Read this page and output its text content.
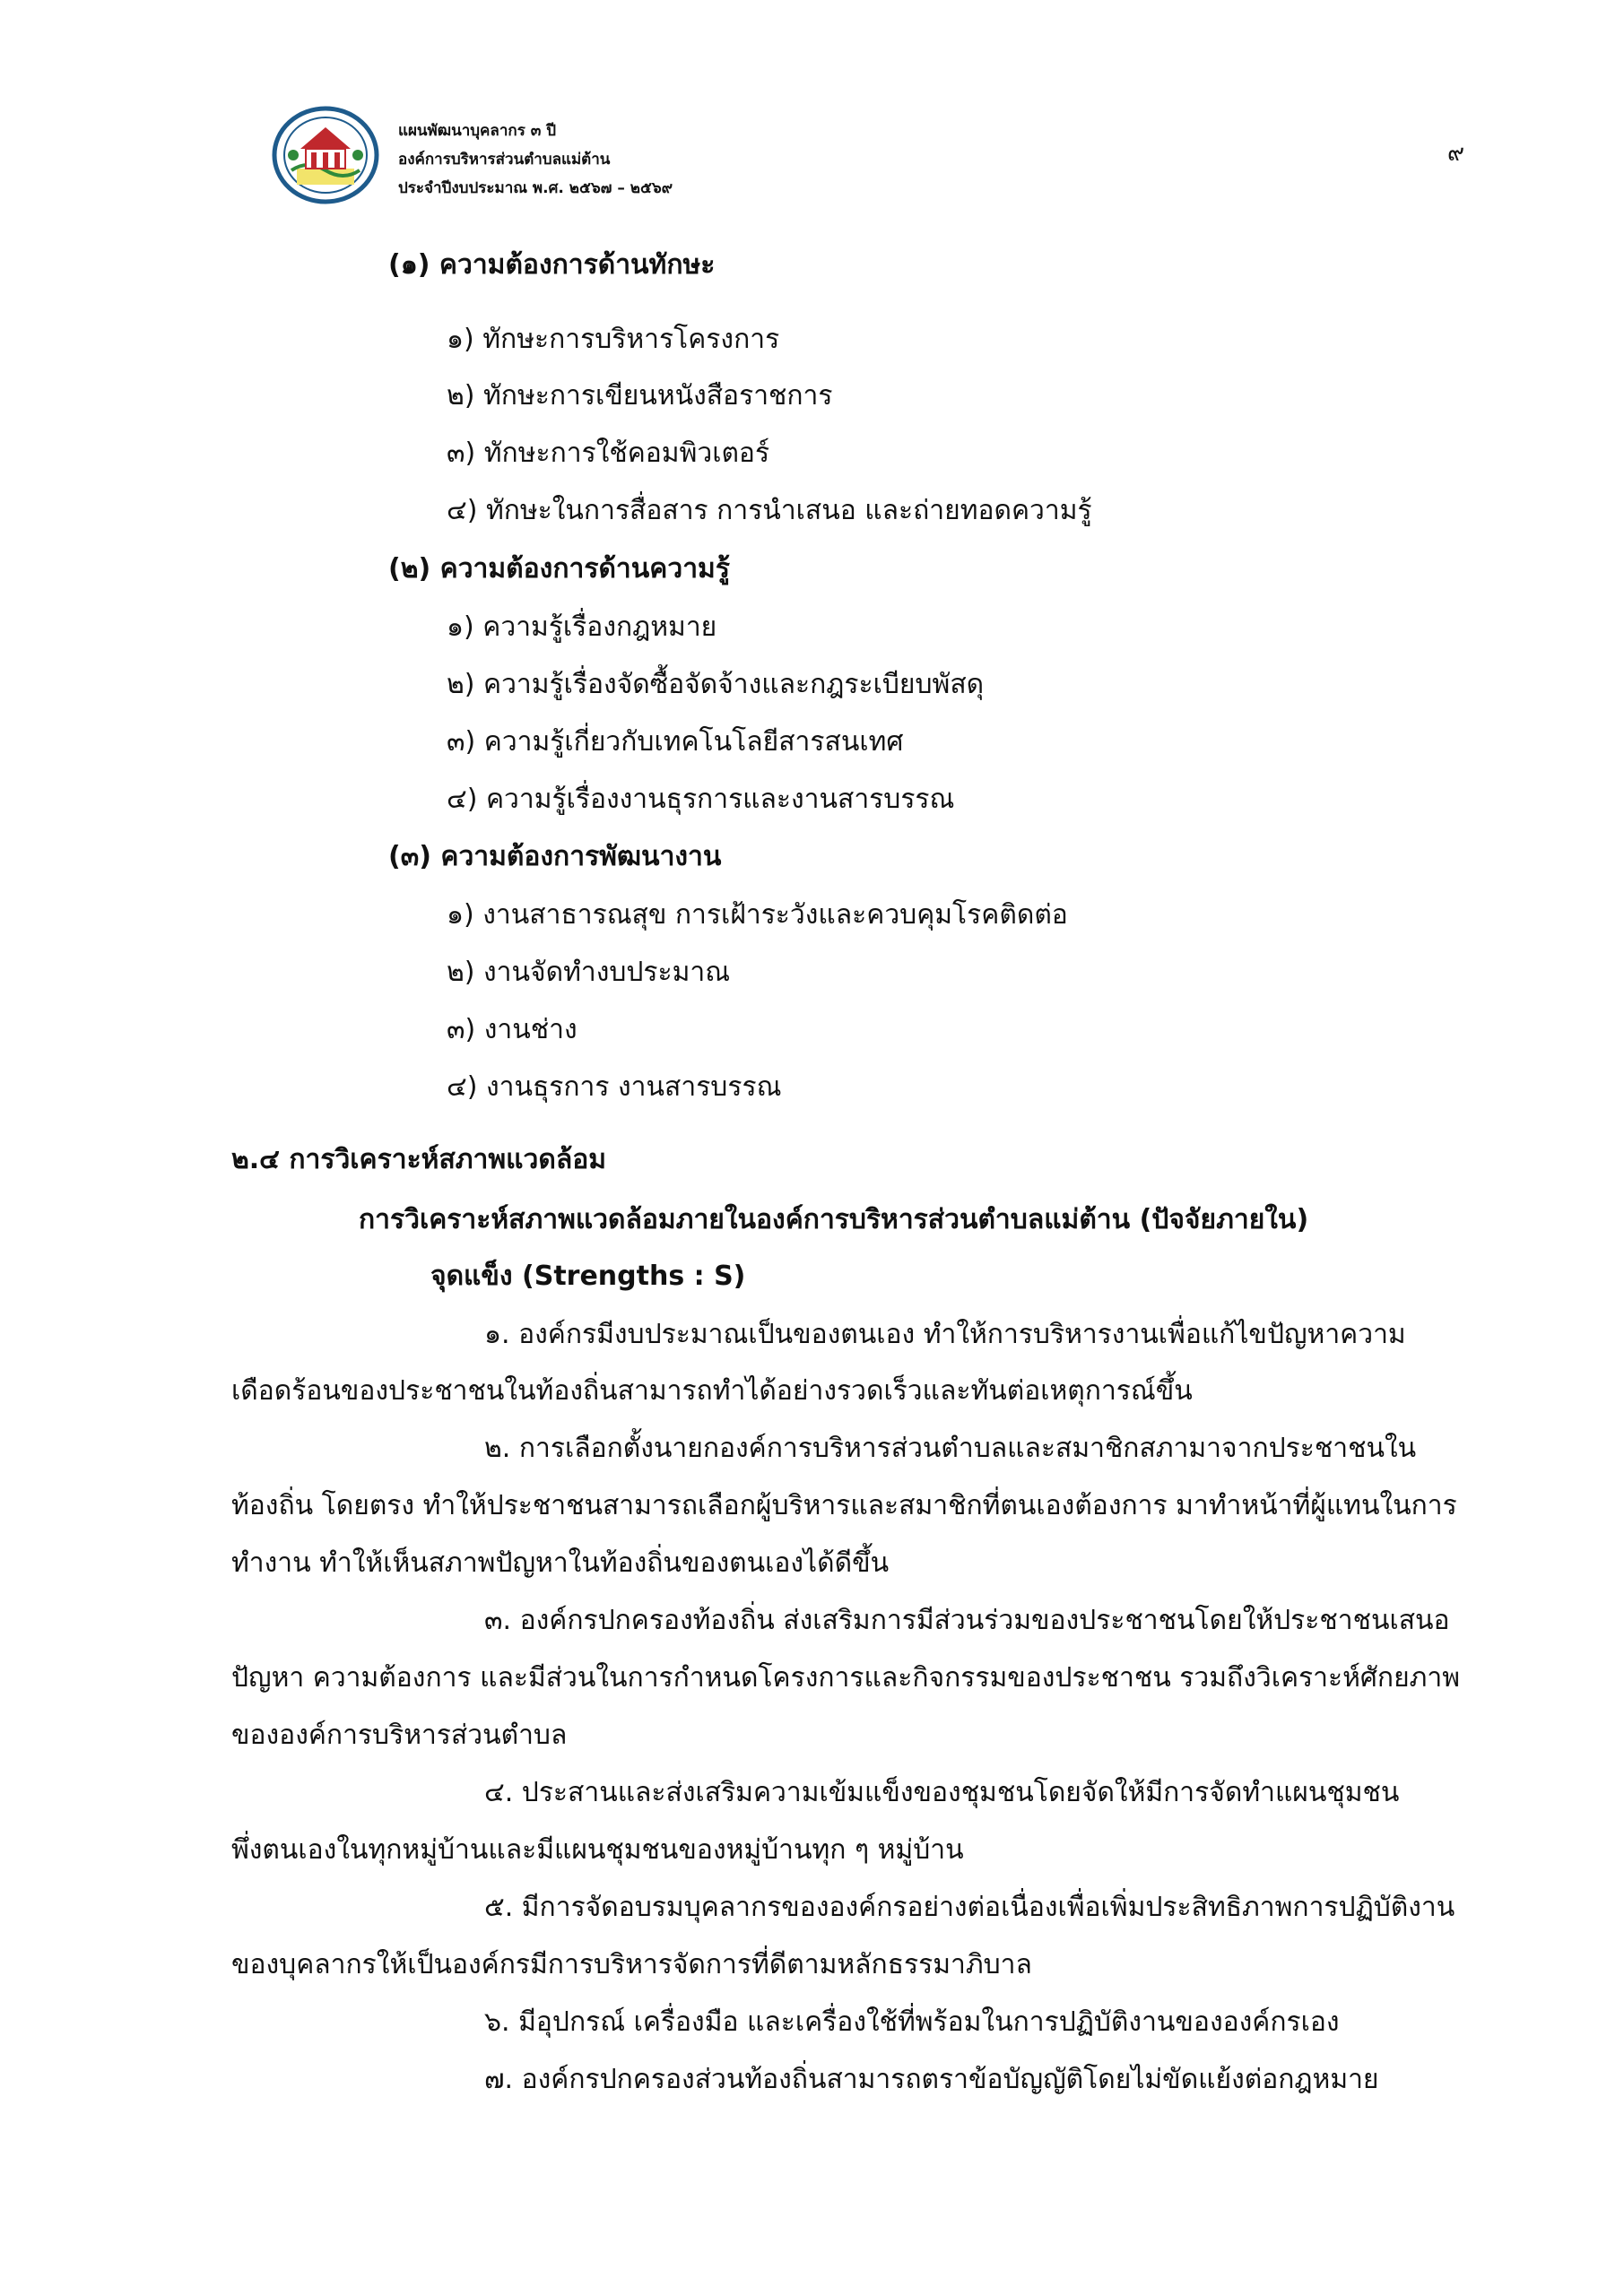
แผนพัฒนาบุคลากร ๓ ปี
องค์การบริหารส่วนตำบลแม่ต้าน
ประจำปีงบประมาณ พ.ศ. ๒๕๖๗ – ๒๕๖๙
๙
(๑) ความต้องการด้านทักษะ
๑) ทักษะการบริหารโครงการ
๒) ทักษะการเขียนหนังสือราชการ
๓) ทักษะการใช้คอมพิวเตอร์
๔) ทักษะในการสื่อสาร การนำเสนอ และถ่ายทอดความรู้
(๒) ความต้องการด้านความรู้
๑) ความรู้เรื่องกฎหมาย
๒) ความรู้เรื่องจัดซื้อจัดจ้างและกฎระเบียบพัสดุ
๓) ความรู้เกี่ยวกับเทคโนโลยีสารสนเทศ
๔) ความรู้เรื่องงานธุรการและงานสารบรรณ
(๓) ความต้องการพัฒนางาน
๑) งานสาธารณสุข การเฝ้าระวังและควบคุมโรคติดต่อ
๒) งานจัดทำงบประมาณ
๓) งานช่าง
๔) งานธุรการ งานสารบรรณ
๒.๔ การวิเคราะห์สภาพแวดล้อม
การวิเคราะห์สภาพแวดล้อมภายในองค์การบริหารส่วนตำบลแม่ต้าน (ปัจจัยภายใน)
จุดแข็ง (Strengths : S)
๑. องค์กรมีงบประมาณเป็นของตนเอง ทำให้การบริหารงานเพื่อแก้ไขปัญหาความ
เดือดร้อนของประชาชนในท้องถิ่นสามารถทำได้อย่างรวดเร็วและทันต่อเหตุการณ์ขึ้น
๒. การเลือกตั้งนายกองค์การบริหารส่วนตำบลและสมาชิกสภามาจากประชาชนใน
ท้องถิ่น โดยตรง ทำให้ประชาชนสามารถเลือกผู้บริหารและสมาชิกที่ตนเองต้องการ มาทำหน้าที่ผู้แทนในการ
ทำงาน ทำให้เห็นสภาพปัญหาในท้องถิ่นของตนเองได้ดีขึ้น
๓. องค์กรปกครองท้องถิ่น ส่งเสริมการมีส่วนร่วมของประชาชนโดยให้ประชาชนเสนอ
ปัญหา ความต้องการ และมีส่วนในการกำหนดโครงการและกิจกรรมของประชาชน รวมถึงวิเคราะห์ศักยภาพ
ขององค์การบริหารส่วนตำบล
๔. ประสานและส่งเสริมความเข้มแข็งของชุมชนโดยจัดให้มีการจัดทำแผนชุมชน
พึ่งตนเองในทุกหมู่บ้านและมีแผนชุมชนของหมู่บ้านทุก ๆ หมู่บ้าน
๕. มีการจัดอบรมบุคลากรขององค์กรอย่างต่อเนื่องเพื่อเพิ่มประสิทธิภาพการปฏิบัติงาน
ของบุคลากรให้เป็นองค์กรมีการบริหารจัดการที่ดีตามหลักธรรมาภิบาล
๖. มีอุปกรณ์ เครื่องมือ และเครื่องใช้ที่พร้อมในการปฏิบัติงานขององค์กรเอง
๗. องค์กรปกครองส่วนท้องถิ่นสามารถตราข้อบัญญัติโดยไม่ขัดแย้งต่อกฎหมาย
